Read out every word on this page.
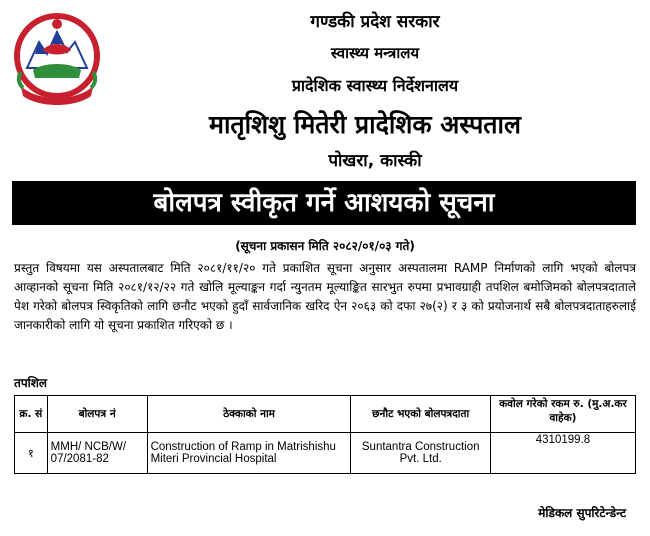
गण्डकी प्रदेश सरकार
स्वास्थ्य मन्त्रालय
प्रादेशिक स्वास्थ्य निर्देशनालय
मातृशिशु मितेरी प्रादेशिक अस्पताल
पोखरा, कास्की
बोलपत्र स्वीकृत गर्ने आशयको सूचना
(सूचना प्रकासन मिति २०८२/०१/०३ गते)
प्रस्तुत विषयमा यस अस्पतालबाट मिति २०८१/११/२० गते प्रकाशित सूचना अनुसार अस्पतालमा RAMP निर्माणको लागि भएको बोलपत्र आव्हानको सूचना मिति २०८१/१२/२२ गते खोलि मूल्याङ्कन गर्दा न्युनतम मूल्याङ्कित सारभुत रुपमा प्रभावग्राही तपशिल बमोजिमको बोलपत्रदाताले पेश गरेको बोलपत्र स्विकृतिको लागि छनौट भएको हुदाँ सार्वजानिक खरिद ऐन २०६३ को दफा २७(२) र ३ को प्रयोजनार्थ सबै बोलपत्रदाताहरुलाई जानकारीको लागि यो सूचना प्रकाशित गरिएको छ ।
तपशिल
क्र. सं	बोलपत्र नं	ठेक्काको नाम	छनौट भएको बोलपत्रदाता	कवोल गरेको रकम रु. (मु.अ.कर वाहेक)
१	MMH/ NCB/W/ 07/2081-82	Construction of Ramp in Matrishishu Miteri Provincial Hospital	Suntantra Construction Pvt. Ltd.	4310199.8
मेडिकल सुपरिटेन्डेन्ट
